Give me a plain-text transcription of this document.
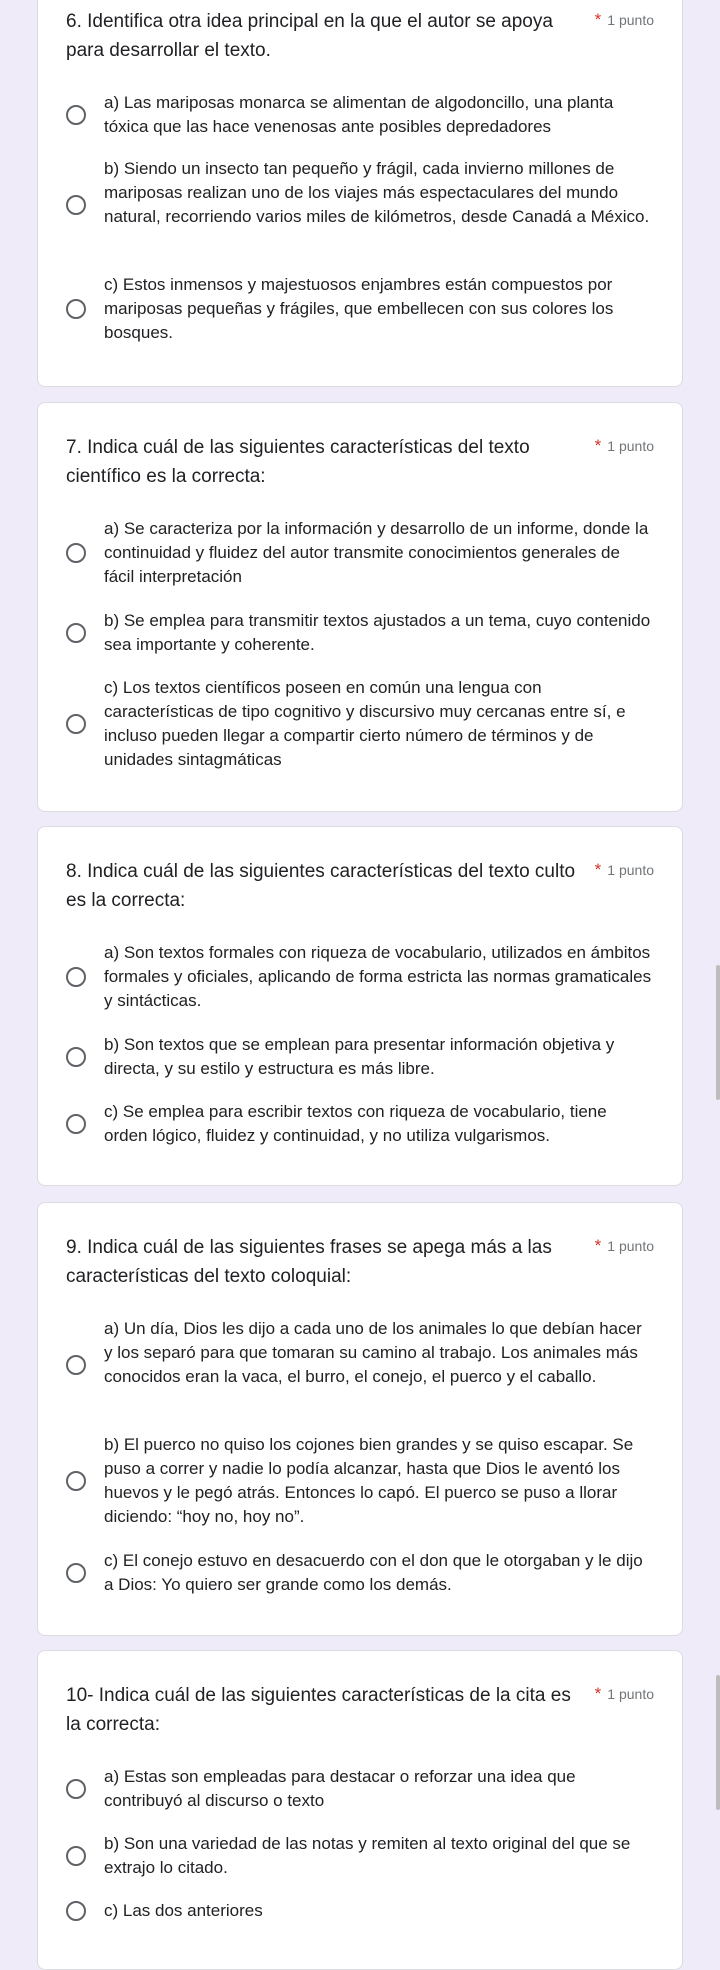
6. Identifica otra idea principal en la que el autor se apoya para desarrollar el texto.
* 1 punto
a) Las mariposas monarca se alimentan de algodoncillo, una planta tóxica que las hace venenosas ante posibles depredadores
b) Siendo un insecto tan pequeño y frágil, cada invierno millones de mariposas realizan uno de los viajes más espectaculares del mundo natural, recorriendo varios miles de kilómetros, desde Canadá a México.
c) Estos inmensos y majestuosos enjambres están compuestos por mariposas pequeñas y frágiles, que embellecen con sus colores los bosques.
7. Indica cuál de las siguientes características del texto científico es la correcta:
* 1 punto
a) Se caracteriza por la información y desarrollo de un informe, donde la continuidad y fluidez del autor transmite conocimientos generales de fácil interpretación
b) Se emplea para transmitir textos ajustados a un tema, cuyo contenido sea importante y coherente.
c) Los textos científicos poseen en común una lengua con características de tipo cognitivo y discursivo muy cercanas entre sí, e incluso pueden llegar a compartir cierto número de términos y de unidades sintagmáticas
8. Indica cuál de las siguientes características del texto culto es la correcta:
* 1 punto
a) Son textos formales con riqueza de vocabulario, utilizados en ámbitos formales y oficiales, aplicando de forma estricta las normas gramaticales y sintácticas.
b) Son textos que se emplean para presentar información objetiva y directa, y su estilo y estructura es más libre.
c) Se emplea para escribir textos con riqueza de vocabulario, tiene orden lógico, fluidez y continuidad, y no utiliza vulgarismos.
9. Indica cuál de las siguientes frases se apega más a las características del texto coloquial:
* 1 punto
a) Un día, Dios les dijo a cada uno de los animales lo que debían hacer y los separó para que tomaran su camino al trabajo. Los animales más conocidos eran la vaca, el burro, el conejo, el puerco y el caballo.
b) El puerco no quiso los cojones bien grandes y se quiso escapar. Se puso a correr y nadie lo podía alcanzar, hasta que Dios le aventó los huevos y le pegó atrás. Entonces lo capó. El puerco se puso a llorar diciendo: “hoy no, hoy no”.
c) El conejo estuvo en desacuerdo con el don que le otorgaban y le dijo a Dios: Yo quiero ser grande como los demás.
10- Indica cuál de las siguientes características de la cita es la correcta:
* 1 punto
a) Estas son empleadas para destacar o reforzar una idea que contribuyó al discurso o texto
b) Son una variedad de las notas y remiten al texto original del que se extrajo lo citado.
c) Las dos anteriores
